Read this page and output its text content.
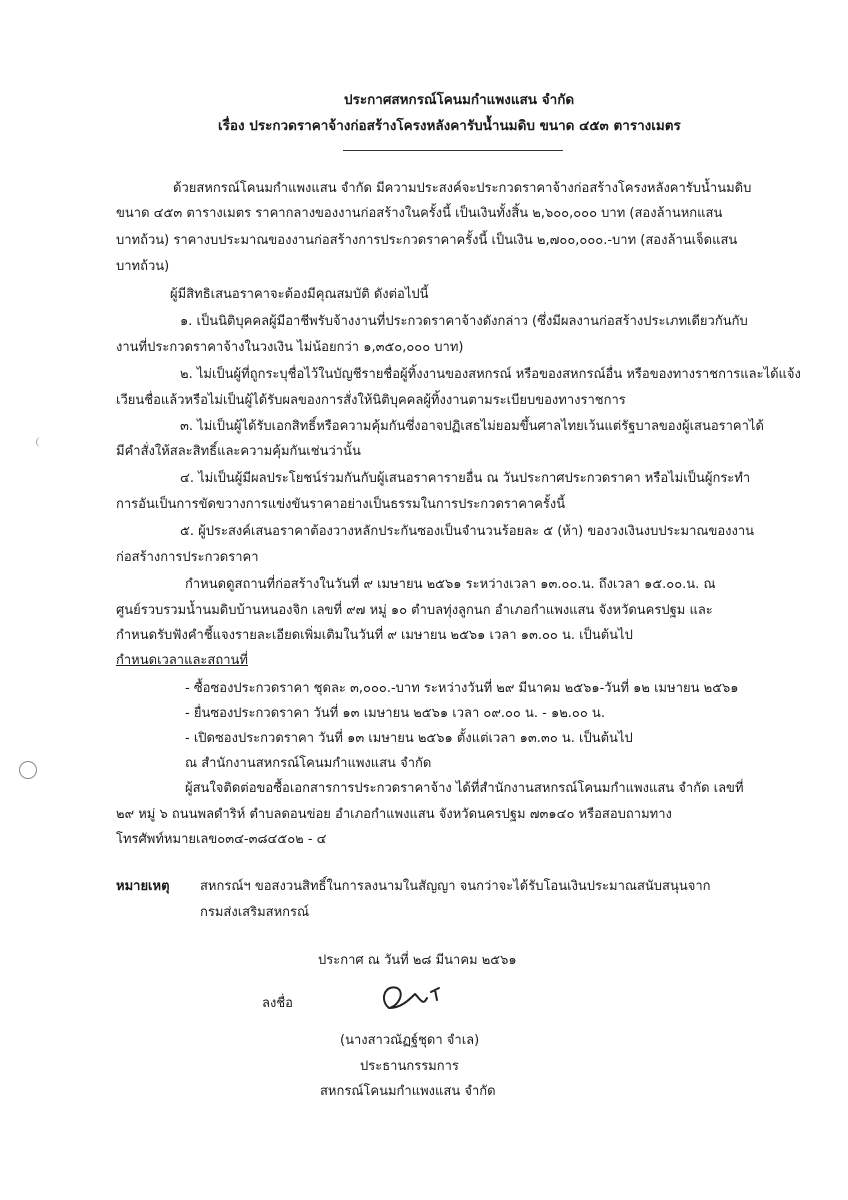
ประกาศสหกรณ์โคนมกำแพงแสน จำกัด
เรื่อง ประกวดราคาจ้างก่อสร้างโครงหลังคารับน้ำนมดิบ ขนาด ๔๕๓ ตารางเมตร
ด้วยสหกรณ์โคนมกำแพงแสน จำกัด มีความประสงค์จะประกวดราคาจ้างก่อสร้างโครงหลังคารับน้ำนมดิบ
ขนาด ๔๕๓ ตารางเมตร ราคากลางของงานก่อสร้างในครั้งนี้ เป็นเงินทั้งสิ้น ๒,๖๐๐,๐๐๐ บาท (สองล้านหกแสน
บาทถ้วน) ราคางบประมาณของงานก่อสร้างการประกวดราคาครั้งนี้ เป็นเงิน ๒,๗๐๐,๐๐๐.-บาท (สองล้านเจ็ดแสน
บาทถ้วน)
ผู้มีสิทธิเสนอราคาจะต้องมีคุณสมบัติ ดังต่อไปนี้
๑. เป็นนิติบุคคลผู้มีอาชีพรับจ้างงานที่ประกวดราคาจ้างดังกล่าว (ซึ่งมีผลงานก่อสร้างประเภทเดียวกันกับ
งานที่ประกวดราคาจ้างในวงเงิน ไม่น้อยกว่า ๑,๓๕๐,๐๐๐ บาท)
๒. ไม่เป็นผู้ที่ถูกระบุชื่อไว้ในบัญชีรายชื่อผู้ทิ้งงานของสหกรณ์ หรือของสหกรณ์อื่น หรือของทางราชการและได้แจ้ง
เวียนชื่อแล้วหรือไม่เป็นผู้ได้รับผลของการสั่งให้นิติบุคคลผู้ทิ้งงานตามระเบียบของทางราชการ
๓. ไม่เป็นผู้ได้รับเอกสิทธิ์หรือความคุ้มกันซึ่งอาจปฏิเสธไม่ยอมขึ้นศาลไทยเว้นแต่รัฐบาลของผู้เสนอราคาได้
มีคำสั่งให้สละสิทธิ์และความคุ้มกันเช่นว่านั้น
๔. ไม่เป็นผู้มีผลประโยชน์ร่วมกันกับผู้เสนอราคารายอื่น ณ วันประกาศประกวดราคา หรือไม่เป็นผู้กระทำ
การอันเป็นการขัดขวางการแข่งขันราคาอย่างเป็นธรรมในการประกวดราคาครั้งนี้
๕. ผู้ประสงค์เสนอราคาต้องวางหลักประกันซองเป็นจำนวนร้อยละ ๕ (ห้า) ของวงเงินงบประมาณของงาน
ก่อสร้างการประกวดราคา
กำหนดดูสถานที่ก่อสร้างในวันที่ ๙ เมษายน ๒๕๖๑ ระหว่างเวลา ๑๓.๐๐.น. ถึงเวลา ๑๕.๐๐.น. ณ
ศูนย์รวบรวมน้ำนมดิบบ้านหนองจิก เลขที่ ๙๗ หมู่ ๑๐ ตำบลทุ่งลูกนก อำเภอกำแพงแสน จังหวัดนครปฐม และ
กำหนดรับฟังคำชี้แจงรายละเอียดเพิ่มเติมในวันที่ ๙ เมษายน ๒๕๖๑ เวลา ๑๓.๐๐ น. เป็นต้นไป
กำหนดเวลาและสถานที่
- ซื้อซองประกวดราคา ชุดละ ๓,๐๐๐.-บาท ระหว่างวันที่ ๒๙ มีนาคม ๒๕๖๑-วันที่ ๑๒ เมษายน ๒๕๖๑
- ยื่นซองประกวดราคา วันที่ ๑๓ เมษายน ๒๕๖๑ เวลา ๐๙.๐๐ น. - ๑๒.๐๐ น.
- เปิดซองประกวดราคา วันที่ ๑๓ เมษายน ๒๕๖๑ ตั้งแต่เวลา ๑๓.๓๐ น. เป็นต้นไป
ณ สำนักงานสหกรณ์โคนมกำแพงแสน จำกัด
ผู้สนใจติดต่อขอซื้อเอกสารการประกวดราคาจ้าง ได้ที่สำนักงานสหกรณ์โคนมกำแพงแสน จำกัด เลขที่
๒๙ หมู่ ๖ ถนนพลดำริห์ ตำบลดอนข่อย อำเภอกำแพงแสน จังหวัดนครปฐม ๗๓๑๔๐ หรือสอบถามทาง
โทรศัพท์หมายเลข๐๓๔-๓๘๔๕๐๒ - ๔
หมายเหตุ สหกรณ์ฯ ขอสงวนสิทธิ์ในการลงนามในสัญญา จนกว่าจะได้รับโอนเงินประมาณสนับสนุนจาก
กรมส่งเสริมสหกรณ์
ประกาศ ณ วันที่ ๒๘ มีนาคม ๒๕๖๑
ลงชื่อ
(นางสาวณัฏฐ์ชุดา จำเล)
ประธานกรรมการ
สหกรณ์โคนมกำแพงแสน จำกัด
